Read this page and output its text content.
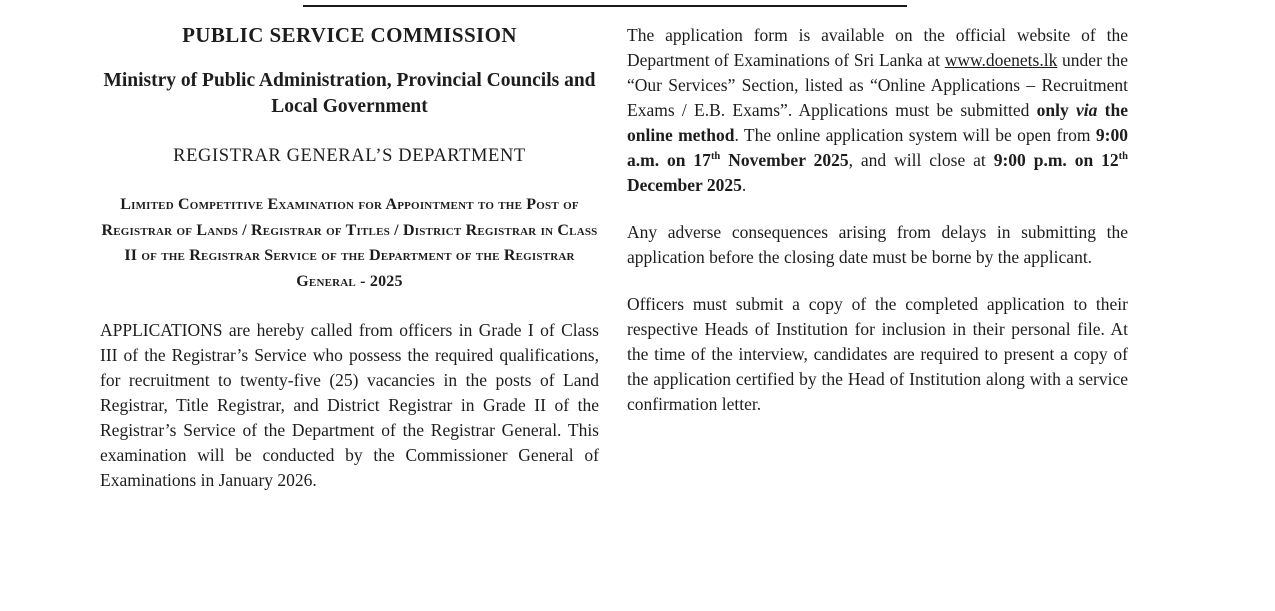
PUBLIC SERVICE COMMISSION
Ministry of Public Administration, Provincial Councils and Local Government
REGISTRAR GENERAL’S DEPARTMENT
Limited Competitive Examination for Appointment to the Post of Registrar of Lands / Registrar of Titles / District Registrar in Class II of the Registrar Service of the Department of the Registrar General - 2025

APPLICATIONS are hereby called from officers in Grade I of Class III of the Registrar’s Service who possess the required qualifications, for recruitment to twenty-five (25) vacancies in the posts of Land Registrar, Title Registrar, and District Registrar in Grade II of the Registrar’s Service of the Department of the Registrar General. This examination will be conducted by the Commissioner General of Examinations in January 2026.

The application form is available on the official website of the Department of Examinations of Sri Lanka at www.doenets.lk under the “Our Services” Section, listed as “Online Applications – Recruitment Exams / E.B. Exams”. Applications must be submitted only via the online method. The online application system will be open from 9:00 a.m. on 17th November 2025, and will close at 9:00 p.m. on 12th December 2025.

Any adverse consequences arising from delays in submitting the application before the closing date must be borne by the applicant.

Officers must submit a copy of the completed application to their respective Heads of Institution for inclusion in their personal file. At the time of the interview, candidates are required to present a copy of the application certified by the Head of Institution along with a service confirmation letter.
